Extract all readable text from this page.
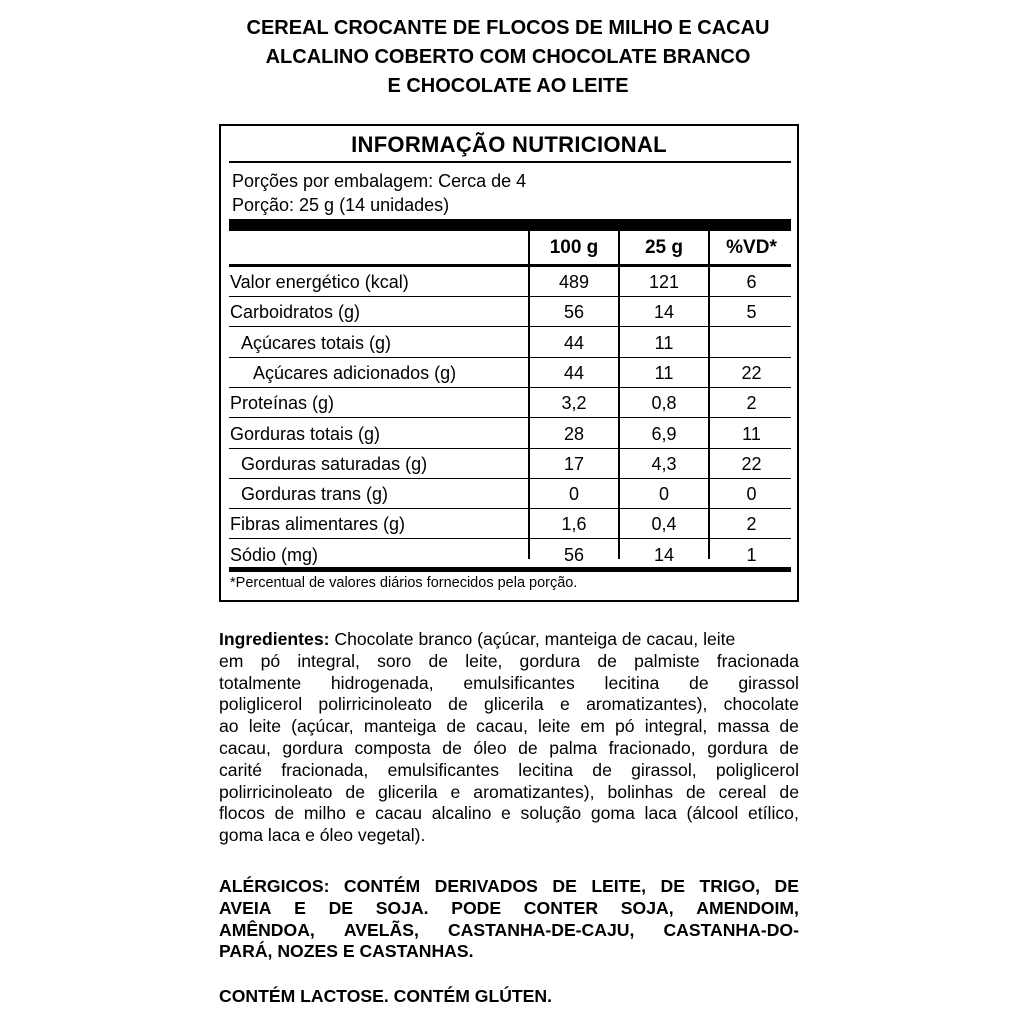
CEREAL CROCANTE DE FLOCOS DE MILHO E CACAU
ALCALINO COBERTO COM CHOCOLATE BRANCO
E CHOCOLATE AO LEITE
INFORMAÇÃO NUTRICIONAL
Porções por embalagem: Cerca de 4
Porção: 25 g (14 unidades)
100 g	25 g	%VD*
Valor energético (kcal)	489	121	6
Carboidratos (g)	56	14	5
Açúcares totais (g)	44	11
Açúcares adicionados (g)	44	11	22
Proteínas (g)	3,2	0,8	2
Gorduras totais (g)	28	6,9	11
Gorduras saturadas (g)	17	4,3	22
Gorduras trans (g)	0	0	0
Fibras alimentares (g)	1,6	0,4	2
Sódio (mg)	56	14	1
*Percentual de valores diários fornecidos pela porção.
Ingredientes: Chocolate branco (açúcar, manteiga de cacau, leite
em pó integral, soro de leite, gordura de palmiste fracionada
totalmente hidrogenada, emulsificantes lecitina de girassol
poliglicerol polirricinoleato de glicerila e aromatizantes), chocolate
ao leite (açúcar, manteiga de cacau, leite em pó integral, massa de
cacau, gordura composta de óleo de palma fracionado, gordura de
carité fracionada, emulsificantes lecitina de girassol, poliglicerol
polirricinoleato de glicerila e aromatizantes), bolinhas de cereal de
flocos de milho e cacau alcalino e solução goma laca (álcool etílico,
goma laca e óleo vegetal).
ALÉRGICOS: CONTÉM DERIVADOS DE LEITE, DE TRIGO, DE
AVEIA E DE SOJA. PODE CONTER SOJA, AMENDOIM,
AMÊNDOA, AVELÃS, CASTANHA-DE-CAJU, CASTANHA-DO-
PARÁ, NOZES E CASTANHAS.
CONTÉM LACTOSE. CONTÉM GLÚTEN.
